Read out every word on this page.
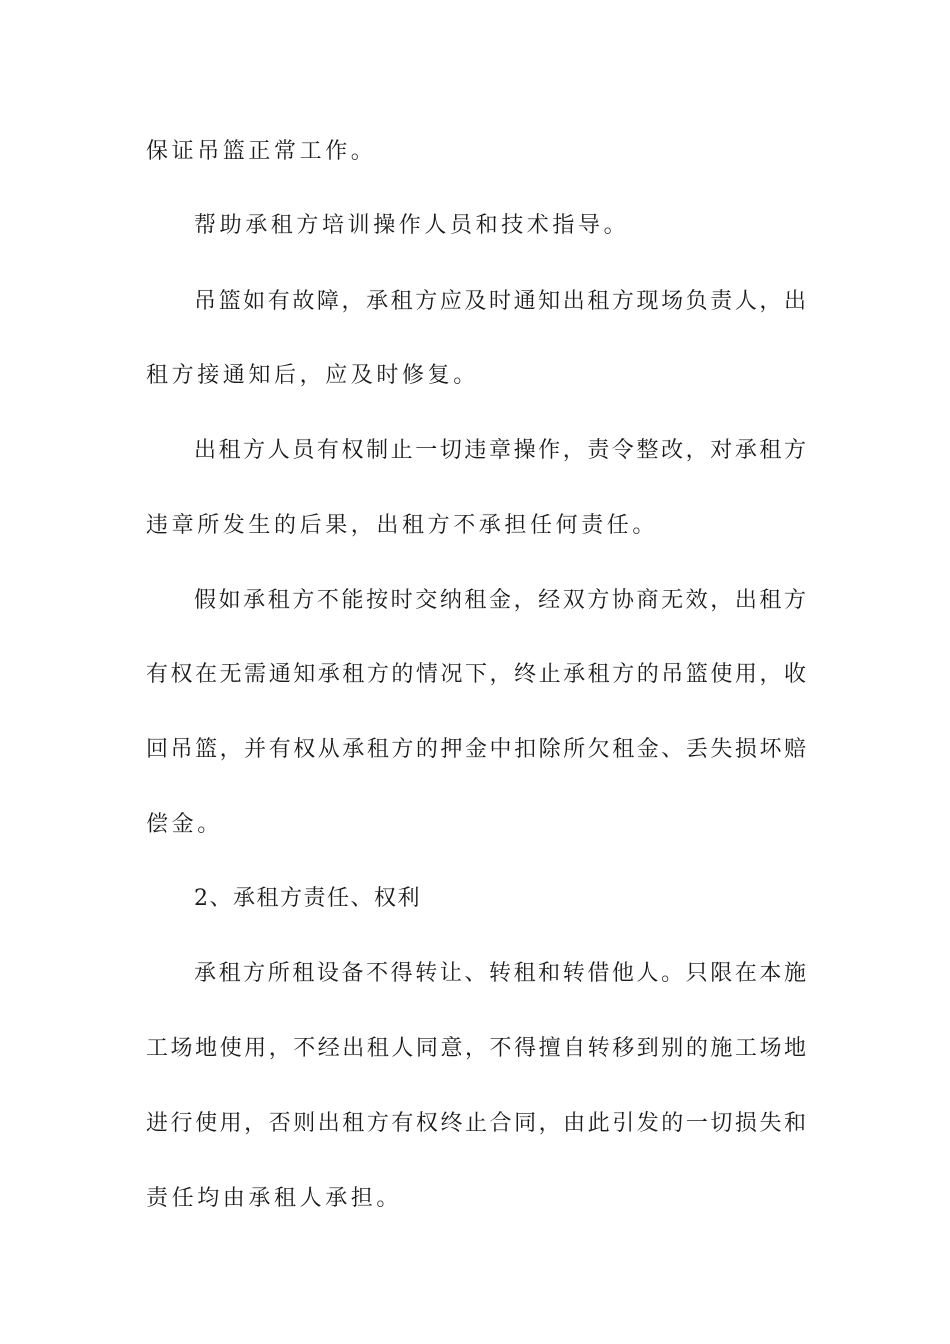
保证吊篮正常工作。
帮助承租方培训操作人员和技术指导。
吊篮如有故障，承租方应及时通知出租方现场负责人，出
租方接通知后，应及时修复。
出租方人员有权制止一切违章操作，责令整改，对承租方
违章所发生的后果，出租方不承担任何责任。
假如承租方不能按时交纳租金，经双方协商无效，出租方
有权在无需通知承租方的情况下，终止承租方的吊篮使用，收
回吊篮，并有权从承租方的押金中扣除所欠租金、丢失损坏赔
偿金。
2、承租方责任、权利
承租方所租设备不得转让、转租和转借他人。只限在本施
工场地使用，不经出租人同意，不得擅自转移到别的施工场地
进行使用，否则出租方有权终止合同，由此引发的一切损失和
责任均由承租人承担。
